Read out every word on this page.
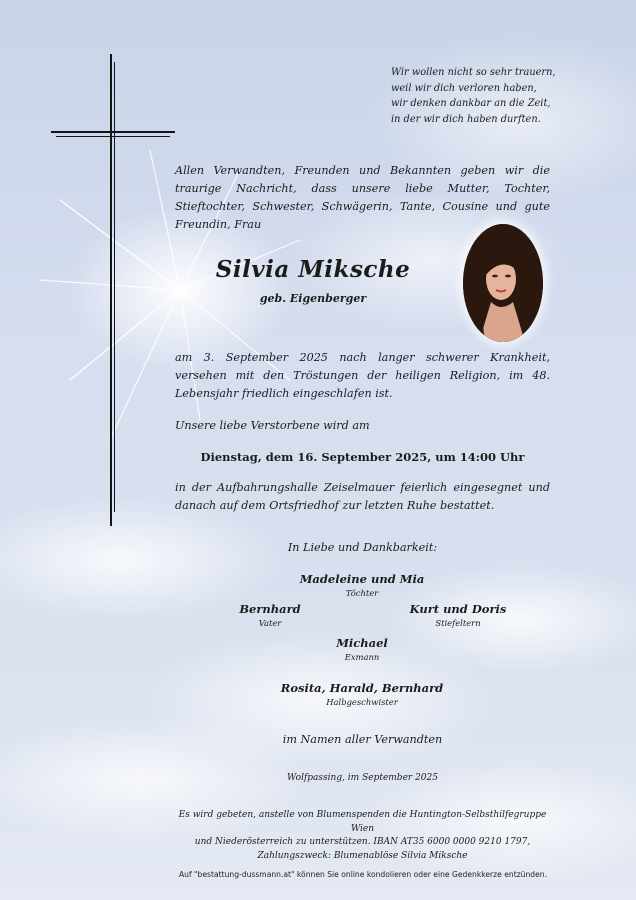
Wir wollen nicht so sehr trauern,
weil wir dich verloren haben,
wir denken dankbar an die Zeit,
in der wir dich haben durften.
Allen Verwandten, Freunden und Bekannten geben wir die traurige Nachricht, dass unsere liebe Mutter, Tochter, Stieftochter, Schwester, Schwägerin, Tante, Cousine und gute Freundin, Frau
Silvia Miksche
geb. Eigenberger
am 3. September 2025 nach langer schwerer Krankheit, versehen mit den Tröstungen der heiligen Religion, im 48. Lebensjahr friedlich eingeschlafen ist.
Unsere liebe Verstorbene wird am
Dienstag, dem 16. September 2025, um 14:00 Uhr
in der Aufbahrungshalle Zeiselmauer feierlich eingesegnet und danach auf dem Ortsfriedhof zur letzten Ruhe bestattet.
In Liebe und Dankbarkeit:
Madeleine und Mia
Töchter
Bernhard
Vater
Kurt und Doris
Stiefeltern
Michael
Exmann
Rosita, Harald, Bernhard
Halbgeschwister
im Namen aller Verwandten
Wolfpassing, im September 2025
Es wird gebeten, anstelle von Blumenspenden die Huntington-Selbsthilfegruppe Wien
und Niederösterreich zu unterstützen. IBAN AT35 6000 0000 9210 1797,
Zahlungszweck: Blumenablöse Silvia Miksche
Auf "bestattung-dussmann.at" können Sie online kondolieren oder eine Gedenkkerze entzünden.
